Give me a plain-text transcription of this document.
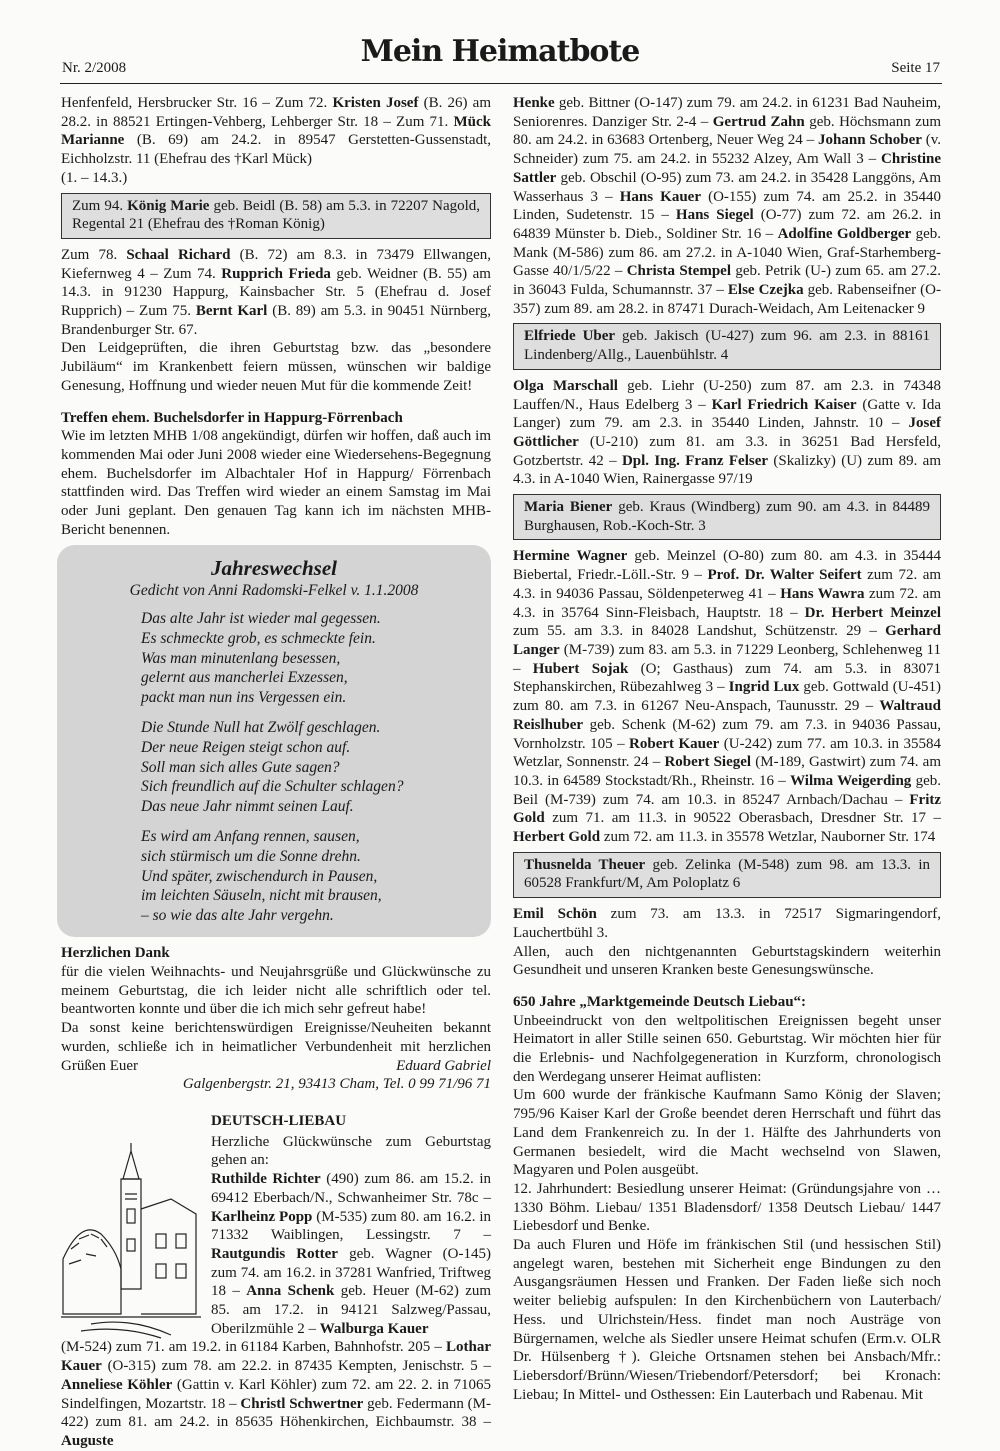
Nr. 2/2008	Mein Heimatbote	Seite 17

Henfenfeld, Hersbrucker Str. 16 – Zum 72. Kristen Josef (B. 26) am 28.2. in 88521 Ertingen-Vehberg, Lehberger Str. 18 – Zum 71. Mück Marianne (B. 69) am 24.2. in 89547 Gerstetten-Gussenstadt, Eichholzstr. 11 (Ehefrau des †Karl Mück)
(1. – 14.3.)

Zum 94. König Marie geb. Beidl (B. 58) am 5.3. in 72207 Nagold, Regental 21 (Ehefrau des †Roman König)

Zum 78. Schaal Richard (B. 72) am 8.3. in 73479 Ellwangen, Kiefernweg 4 – Zum 74. Rupprich Frieda geb. Weidner (B. 55) am 14.3. in 91230 Happurg, Kainsbacher Str. 5 (Ehefrau d. Josef Rupprich) – Zum 75. Bernt Karl (B. 89) am 5.3. in 90451 Nürnberg, Brandenburger Str. 67.

Den Leidgeprüften, die ihren Geburtstag bzw. das „besondere Jubiläum“ im Krankenbett feiern müssen, wünschen wir baldige Genesung, Hoffnung und wieder neuen Mut für die kommende Zeit!

Treffen ehem. Buchelsdorfer in Happurg-Förrenbach

Wie im letzten MHB 1/08 angekündigt, dürfen wir hoffen, daß auch im kommenden Mai oder Juni 2008 wieder eine Wiedersehens-Begegnung ehem. Buchelsdorfer im Albachtaler Hof in Happurg/ Förrenbach stattfinden wird. Das Treffen wird wieder an einem Samstag im Mai oder Juni geplant. Den genauen Tag kann ich im nächsten MHB-Bericht benennen.

Jahreswechsel
Gedicht von Anni Radomski-Felkel v. 1.1.2008
Das alte Jahr ist wieder mal gegessen.
Es schmeckte grob, es schmeckte fein.
Was man minutenlang besessen,
gelernt aus mancherlei Exzessen,
packt man nun ins Vergessen ein.
Die Stunde Null hat Zwölf geschlagen.
Der neue Reigen steigt schon auf.
Soll man sich alles Gute sagen?
Sich freundlich auf die Schulter schlagen?
Das neue Jahr nimmt seinen Lauf.
Es wird am Anfang rennen, sausen,
sich stürmisch um die Sonne drehn.
Und später, zwischendurch in Pausen,
im leichten Säuseln, nicht mit brausen,
– so wie das alte Jahr vergehn.

Herzlichen Dank

für die vielen Weihnachts- und Neujahrsgrüße und Glückwünsche zu meinem Geburtstag, die ich leider nicht alle schriftlich oder tel. beantworten konnte und über die ich mich sehr gefreut habe!

Da sonst keine berichtenswürdigen Ereignisse/Neuheiten bekannt wurden, schließe ich in heimatlicher Verbundenheit mit herzlichen Grüßen Euer	Eduard Gabriel

Galgenbergstr. 21, 93413 Cham, Tel. 0 99 71/96 71

DEUTSCH-LIEBAU

Herzliche Glückwünsche zum Geburtstag gehen an:
Ruthilde Richter (490) zum 86. am 15.2. in 69412 Eberbach/N., Schwanheimer Str. 78c – Karlheinz Popp (M-535) zum 80. am 16.2. in 71332 Waiblingen, Lessingstr. 7 – Rautgundis Rotter geb. Wagner (O-145) zum 74. am 16.2. in 37281 Wanfried, Triftweg 18 – Anna Schenk geb. Heuer (M-62) zum 85. am 17.2. in 94121 Salzweg/Passau, Oberilzmühle 2 – Walburga Kauer

(M-524) zum 71. am 19.2. in 61184 Karben, Bahnhofstr. 205 – Lothar Kauer (O-315) zum 78. am 22.2. in 87435 Kempten, Jenischstr. 5 – Anneliese Köhler (Gattin v. Karl Köhler) zum 72. am 22. 2. in 71065 Sindelfingen, Mozartstr. 18 – Christl Schwertner geb. Federmann (M-422) zum 81. am 24.2. in 85635 Höhenkirchen, Eichbaumstr. 38 – Auguste

Henke geb. Bittner (O-147) zum 79. am 24.2. in 61231 Bad Nauheim, Seniorenres. Danziger Str. 2-4 – Gertrud Zahn geb. Höchsmann zum 80. am 24.2. in 63683 Ortenberg, Neuer Weg 24 – Johann Schober (v. Schneider) zum 75. am 24.2. in 55232 Alzey, Am Wall 3 – Christine Sattler geb. Obschil (O-95) zum 73. am 24.2. in 35428 Langgöns, Am Wasserhaus 3 – Hans Kauer (O-155) zum 74. am 25.2. in 35440 Linden, Sudetenstr. 15 – Hans Siegel (O-77) zum 72. am 26.2. in 64839 Münster b. Dieb., Soldiner Str. 16 – Adolfine Goldberger geb. Mank (M-586) zum 86. am 27.2. in A-1040 Wien, Graf-Starhemberg-Gasse 40/1/5/22 – Christa Stempel geb. Petrik (U-) zum 65. am 27.2. in 36043 Fulda, Schumannstr. 37 – Else Czejka geb. Rabenseifner (O-357) zum 89. am 28.2. in 87471 Durach-Weidach, Am Leitenacker 9

Elfriede Uber geb. Jakisch (U-427) zum 96. am 2.3. in 88161 Lindenberg/Allg., Lauenbühlstr. 4

Olga Marschall geb. Liehr (U-250) zum 87. am 2.3. in 74348 Lauffen/N., Haus Edelberg 3 – Karl Friedrich Kaiser (Gatte v. Ida Langer) zum 79. am 2.3. in 35440 Linden, Jahnstr. 10 – Josef Göttlicher (U-210) zum 81. am 3.3. in 36251 Bad Hersfeld, Gotzbertstr. 42 – Dpl. Ing. Franz Felser (Skalizky) (U) zum 89. am 4.3. in A-1040 Wien, Rainergasse 97/19

Maria Biener geb. Kraus (Windberg) zum 90. am 4.3. in 84489 Burghausen, Rob.-Koch-Str. 3

Hermine Wagner geb. Meinzel (O-80) zum 80. am 4.3. in 35444 Biebertal, Friedr.-Löll.-Str. 9 – Prof. Dr. Walter Seifert zum 72. am 4.3. in 94036 Passau, Söldenpeterweg 41 – Hans Wawra zum 72. am 4.3. in 35764 Sinn-Fleisbach, Hauptstr. 18 – Dr. Herbert Meinzel zum 55. am 3.3. in 84028 Landshut, Schützenstr. 29 – Gerhard Langer (M-739) zum 83. am 5.3. in 71229 Leonberg, Schlehenweg 11 – Hubert Sojak (O; Gasthaus) zum 74. am 5.3. in 83071 Stephanskirchen, Rübezahlweg 3 – Ingrid Lux geb. Gottwald (U-451) zum 80. am 7.3. in 61267 Neu-Anspach, Taunusstr. 29 – Waltraud Reislhuber geb. Schenk (M-62) zum 79. am 7.3. in 94036 Passau, Vornholzstr. 105 – Robert Kauer (U-242) zum 77. am 10.3. in 35584 Wetzlar, Sonnenstr. 24 – Robert Siegel (M-189, Gastwirt) zum 74. am 10.3. in 64589 Stockstadt/Rh., Rheinstr. 16 – Wilma Weigerding geb. Beil (M-739) zum 74. am 10.3. in 85247 Arnbach/Dachau – Fritz Gold zum 71. am 11.3. in 90522 Oberasbach, Dresdner Str. 17 – Herbert Gold zum 72. am 11.3. in 35578 Wetzlar, Nauborner Str. 174

Thusnelda Theuer geb. Zelinka (M-548) zum 98. am 13.3. in 60528 Frankfurt/M, Am Poloplatz 6

Emil Schön zum 73. am 13.3. in 72517 Sigmaringendorf, Lauchertbühl 3.

Allen, auch den nichtgenannten Geburtstagskindern weiterhin Gesundheit und unseren Kranken beste Genesungswünsche.

650 Jahre „Marktgemeinde Deutsch Liebau“:

Unbeeindruckt von den weltpolitischen Ereignissen begeht unser Heimatort in aller Stille seinen 650. Geburtstag. Wir möchten hier für die Erlebnis- und Nachfolgegeneration in Kurzform, chronologisch den Werdegang unserer Heimat auflisten:

Um 600 wurde der fränkische Kaufmann Samo König der Slaven; 795/96 Kaiser Karl der Große beendet deren Herrschaft und führt das Land dem Frankenreich zu. In der 1. Hälfte des Jahrhunderts von Germanen besiedelt, wird die Macht wechselnd von Slawen, Magyaren und Polen ausgeübt.

12. Jahrhundert: Besiedlung unserer Heimat: (Gründungsjahre von … 1330 Böhm. Liebau/ 1351 Bladensdorf/ 1358 Deutsch Liebau/ 1447 Liebesdorf und Benke.

Da auch Fluren und Höfe im fränkischen Stil (und hessischen Stil) angelegt waren, bestehen mit Sicherheit enge Bindungen zu den Ausgangsräumen Hessen und Franken. Der Faden ließe sich noch weiter beliebig aufspulen: In den Kirchenbüchern von Lauterbach/ Hess. und Ulrichstein/Hess. findet man noch Austräge von Bürgernamen, welche als Siedler unsere Heimat schufen (Erm.v. OLR Dr. Hülsenberg †). Gleiche Ortsnamen stehen bei Ansbach/Mfr.: Liebersdorf/Brünn/Wiesen/Triebendorf/Petersdorf; bei Kronach: Liebau; In Mittel- und Osthessen: Ein Lauterbach und Rabenau. Mit
